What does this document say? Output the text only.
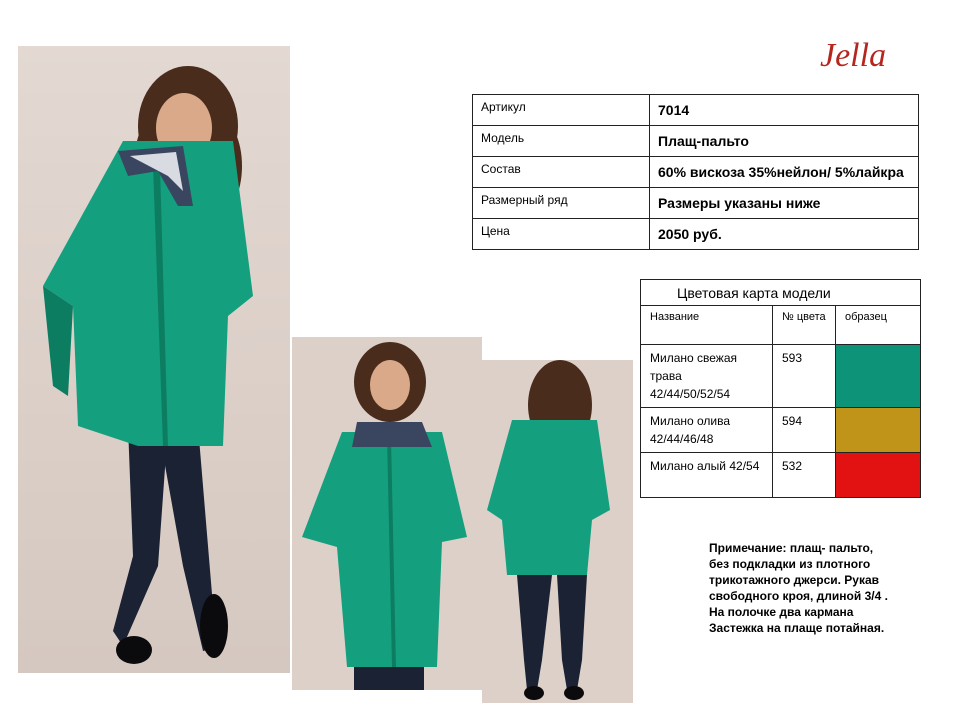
Jella
Артикул	7014
Модель	Плащ-пальто
Состав	60% вискоза 35%нейлон/ 5%лайкра
Размерный ряд	Размеры указаны ниже
Цена	2050 руб.
Цветовая карта модели		
Название	№ цвета	образец
Милано свежая трава 42/44/50/52/54	593	
Милано олива 42/44/46/48	594	
Милано алый 42/54	532	
Примечание: плащ- пальто,
без подкладки из плотного
трикотажного джерси. Рукав
свободного кроя, длиной 3/4 .
На полочке два кармана
Застежка на плаще потайная.
